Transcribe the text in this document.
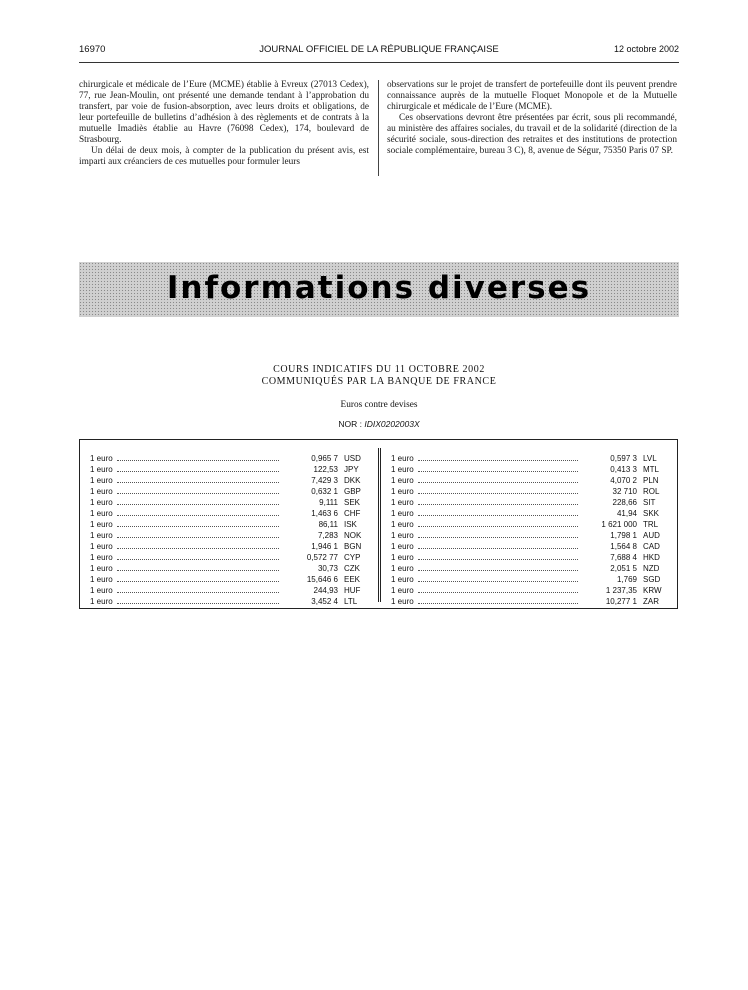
16970	JOURNAL OFFICIEL DE LA RÉPUBLIQUE FRANÇAISE	12 octobre 2002

chirurgicale et médicale de l’Eure (MCME) établie à Evreux (27013 Cedex), 77, rue Jean-Moulin, ont présenté une demande tendant à l’approbation du transfert, par voie de fusion-absorption, avec leurs droits et obligations, de leur portefeuille de bulletins d’adhésion à des règlements et de contrats à la mutuelle Imadiès établie au Havre (76098 Cedex), 174, boulevard de Strasbourg.

Un délai de deux mois, à compter de la publication du présent avis, est imparti aux créanciers de ces mutuelles pour formuler leurs

observations sur le projet de transfert de portefeuille dont ils peuvent prendre connaissance auprès de la mutuelle Floquet Monopole et de la Mutuelle chirurgicale et médicale de l’Eure (MCME).

Ces observations devront être présentées par écrit, sous pli recommandé, au ministère des affaires sociales, du travail et de la solidarité (direction de la sécurité sociale, sous-direction des retraites et des institutions de protection sociale complémentaire, bureau 3 C), 8, avenue de Ségur, 75350 Paris 07 SP.

Informations diverses
COURS INDICATIFS DU 11 OCTOBRE 2002
COMMUNIQUÉS PAR LA BANQUE DE FRANCE
Euros contre devises
NOR : IDIX0202003X
1 euro	0,965 7 USD
1 euro	122,53 JPY
1 euro	7,429 3 DKK
1 euro	0,632 1 GBP
1 euro	9,111 SEK
1 euro	1,463 6 CHF
1 euro	86,11 ISK
1 euro	7,283 NOK
1 euro	1,946 1 BGN
1 euro	0,572 77 CYP
1 euro	30,73 CZK
1 euro	15,646 6 EEK
1 euro	244,93 HUF
1 euro	3,452 4 LTL
1 euro	0,597 3 LVL
1 euro	0,413 3 MTL
1 euro	4,070 2 PLN
1 euro	32 710 ROL
1 euro	228,66 SIT
1 euro	41,94 SKK
1 euro	1 621 000 TRL
1 euro	1,798 1 AUD
1 euro	1,564 8 CAD
1 euro	7,688 4 HKD
1 euro	2,051 5 NZD
1 euro	1,769 SGD
1 euro	1 237,35 KRW
1 euro	10,277 1 ZAR
